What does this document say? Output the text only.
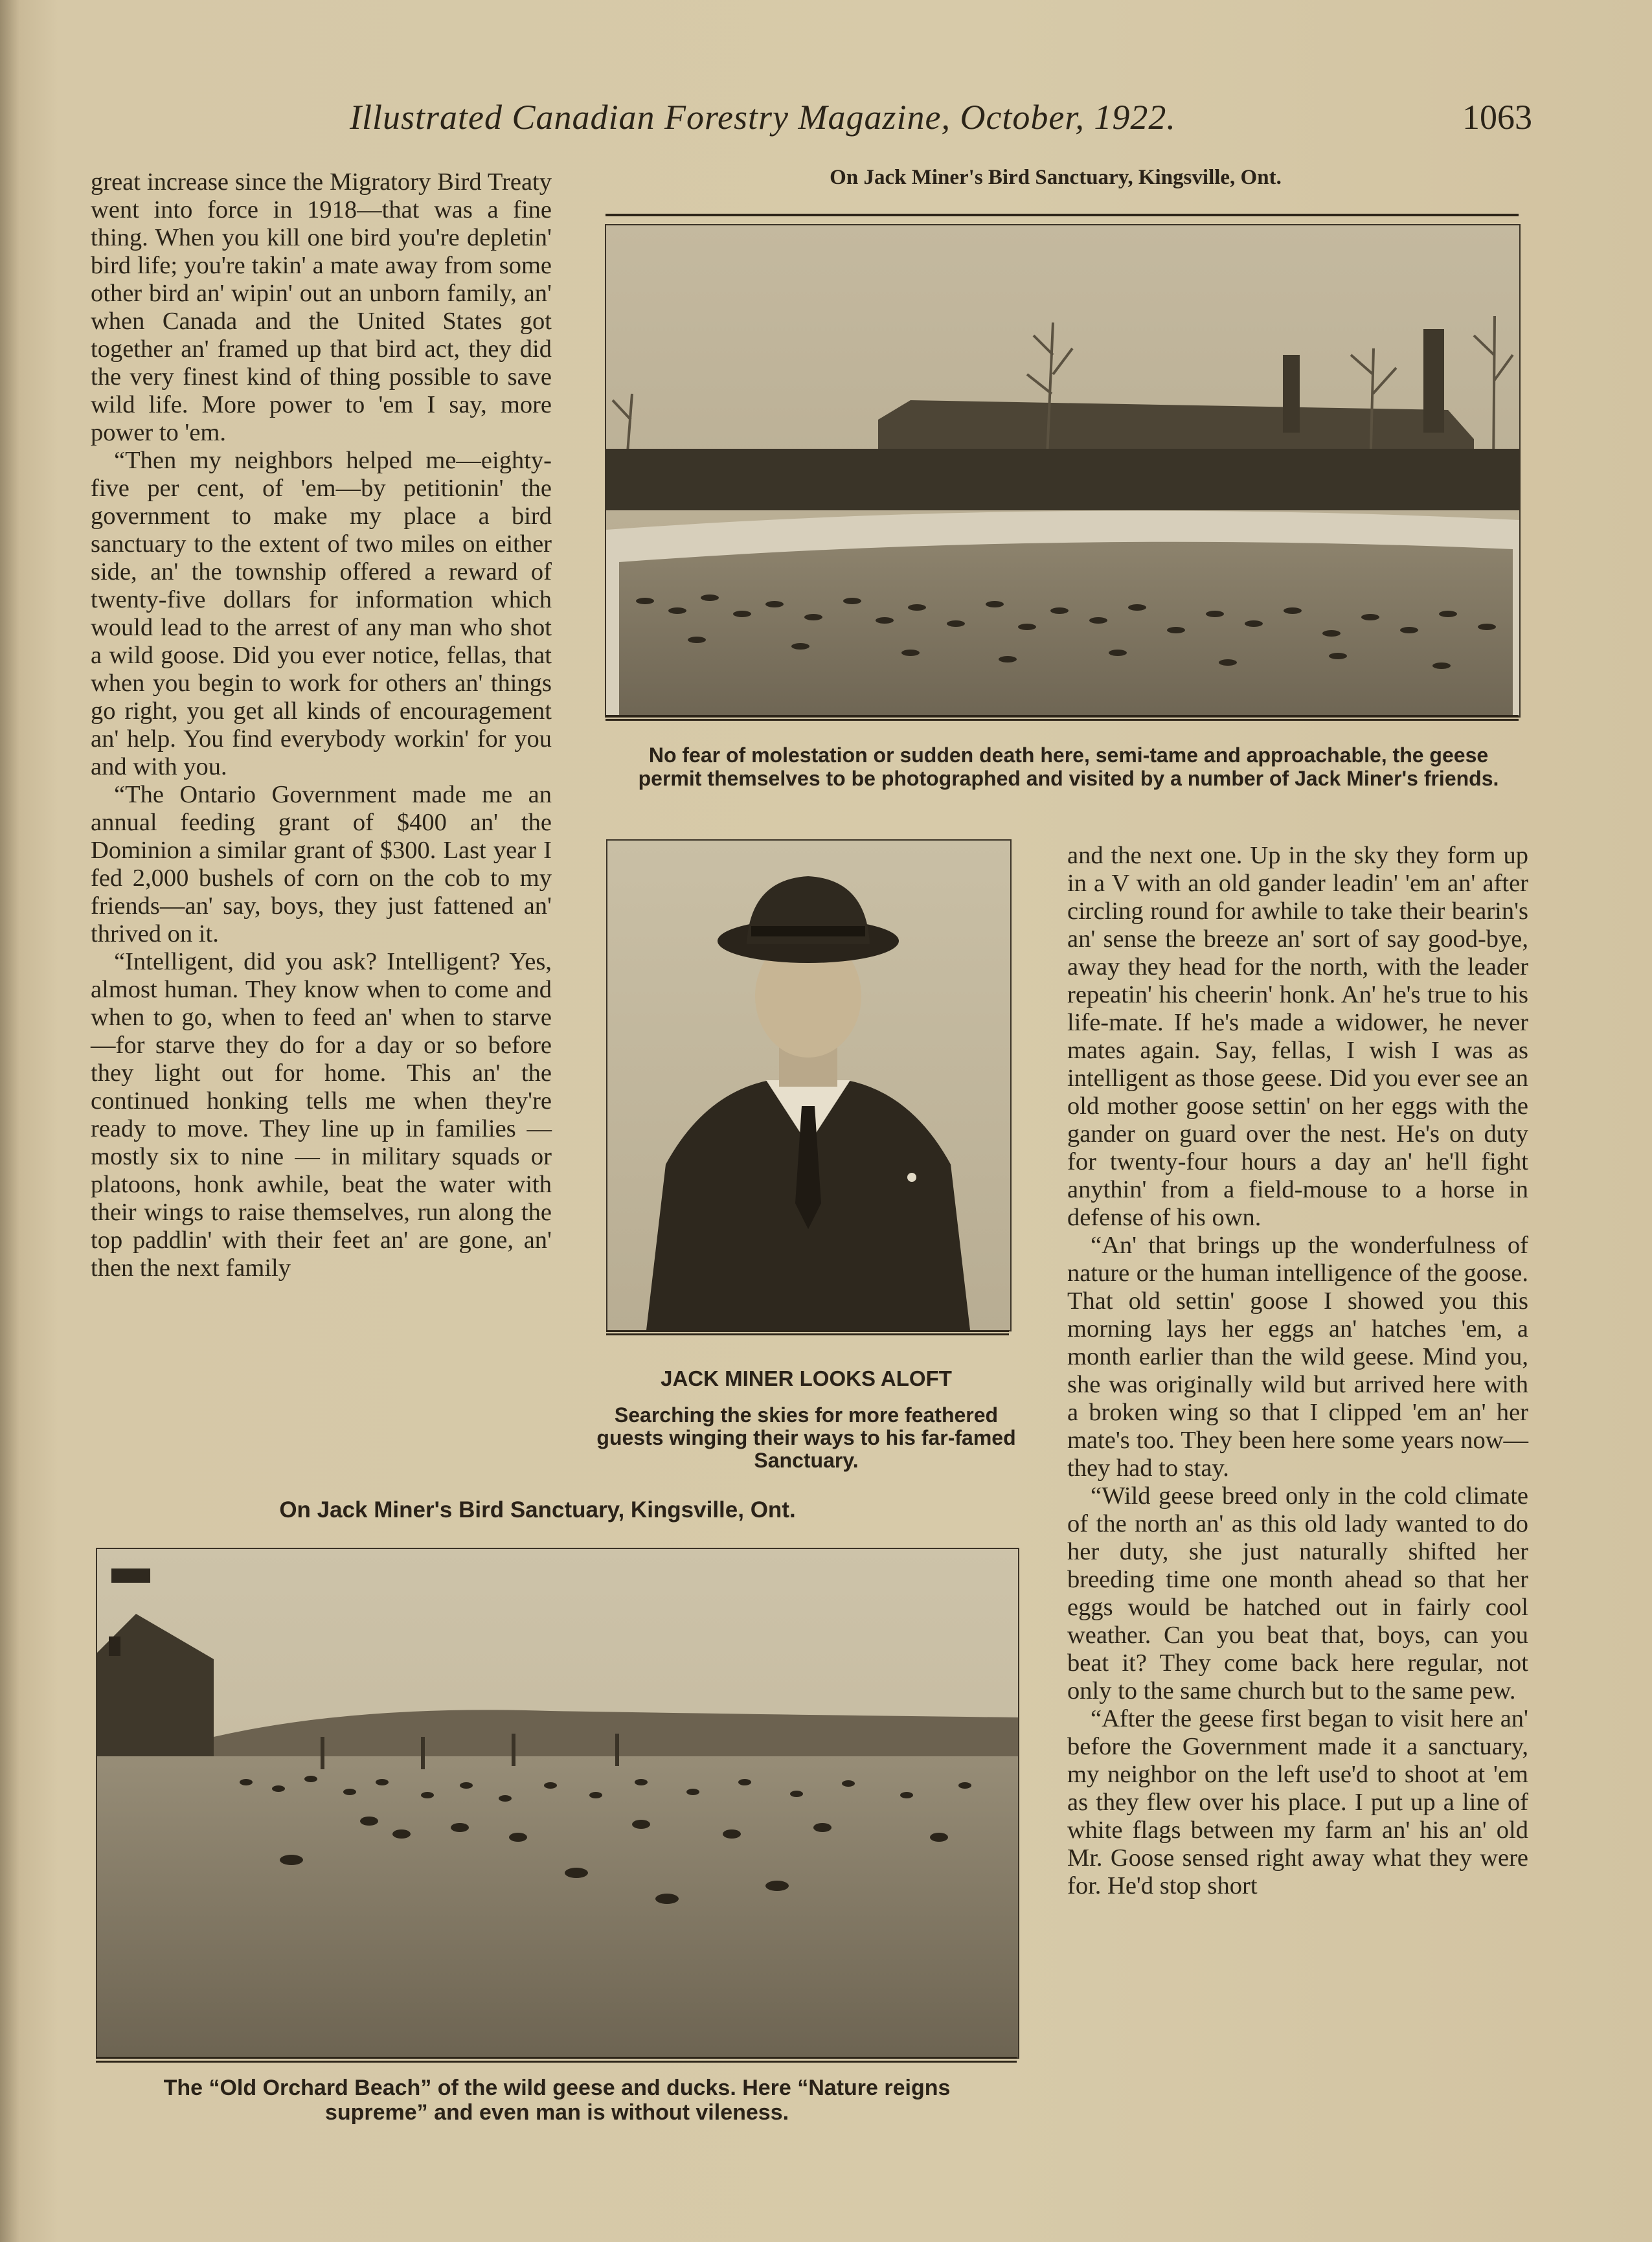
Illustrated Canadian Forestry Magazine, October, 1922.	1063

great increase since the Migratory Bird Treaty went into force in 1918—that was a fine thing. When you kill one bird you're depletin' bird life; you're takin' a mate away from some other bird an' wipin' out an unborn family, an' when Canada and the United States got together an' framed up that bird act, they did the very finest kind of thing possible to save wild life. More power to 'em I say, more power to 'em.

“Then my neighbors helped me—eighty-five per cent, of 'em—by petitionin' the government to make my place a bird sanctuary to the extent of two miles on either side, an' the township offered a reward of twenty-five dollars for information which would lead to the arrest of any man who shot a wild goose. Did you ever notice, fellas, that when you begin to work for others an' things go right, you get all kinds of encouragement an' help. You find everybody workin' for you and with you.

“The Ontario Government made me an annual feeding grant of $400 an' the Dominion a similar grant of $300. Last year I fed 2,000 bushels of corn on the cob to my friends—an' say, boys, they just fattened an' thrived on it.

“Intelligent, did you ask? Intelligent? Yes, almost human. They know when to come and when to go, when to feed an' when to starve—for starve they do for a day or so before they light out for home. This an' the continued honking tells me when they're ready to move. They line up in families — mostly six to nine — in military squads or platoons, honk awhile, beat the water with their wings to raise themselves, run along the top paddlin' with their feet an' are gone, an' then the next family

On Jack Miner's Bird Sanctuary, Kingsville, Ont.
No fear of molestation or sudden death here, semi-tame and approachable, the geese permit themselves to be photographed and visited by a number of Jack Miner's friends.
JACK MINER LOOKS ALOFT
Searching the skies for more feathered guests winging their ways to his far-famed Sanctuary.

and the next one. Up in the sky they form up in a V with an old gander leadin' 'em an' after circling round for awhile to take their bearin's an' sense the breeze an' sort of say good-bye, away they head for the north, with the leader repeatin' his cheerin' honk. An' he's true to his life-mate. If he's made a widower, he never mates again. Say, fellas, I wish I was as intelligent as those geese. Did you ever see an old mother goose settin' on her eggs with the gander on guard over the nest. He's on duty for twenty-four hours a day an' he'll fight anythin' from a field-mouse to a horse in defense of his own.

“An' that brings up the wonderfulness of nature or the human intelligence of the goose. That old settin' goose I showed you this morning lays her eggs an' hatches 'em, a month earlier than the wild geese. Mind you, she was originally wild but arrived here with a broken wing so that I clipped 'em an' her mate's too. They been here some years now—they had to stay.

“Wild geese breed only in the cold climate of the north an' as this old lady wanted to do her duty, she just naturally shifted her breeding time one month ahead so that her eggs would be hatched out in fairly cool weather. Can you beat that, boys, can you beat it? They come back here regular, not only to the same church but to the same pew.

“After the geese first began to visit here an' before the Government made it a sanctuary, my neighbor on the left use'd to shoot at 'em as they flew over his place. I put up a line of white flags between my farm an' his an' old Mr. Goose sensed right away what they were for. He'd stop short

On Jack Miner's Bird Sanctuary, Kingsville, Ont.
The “Old Orchard Beach” of the wild geese and ducks. Here “Nature reigns supreme” and even man is without vileness.
